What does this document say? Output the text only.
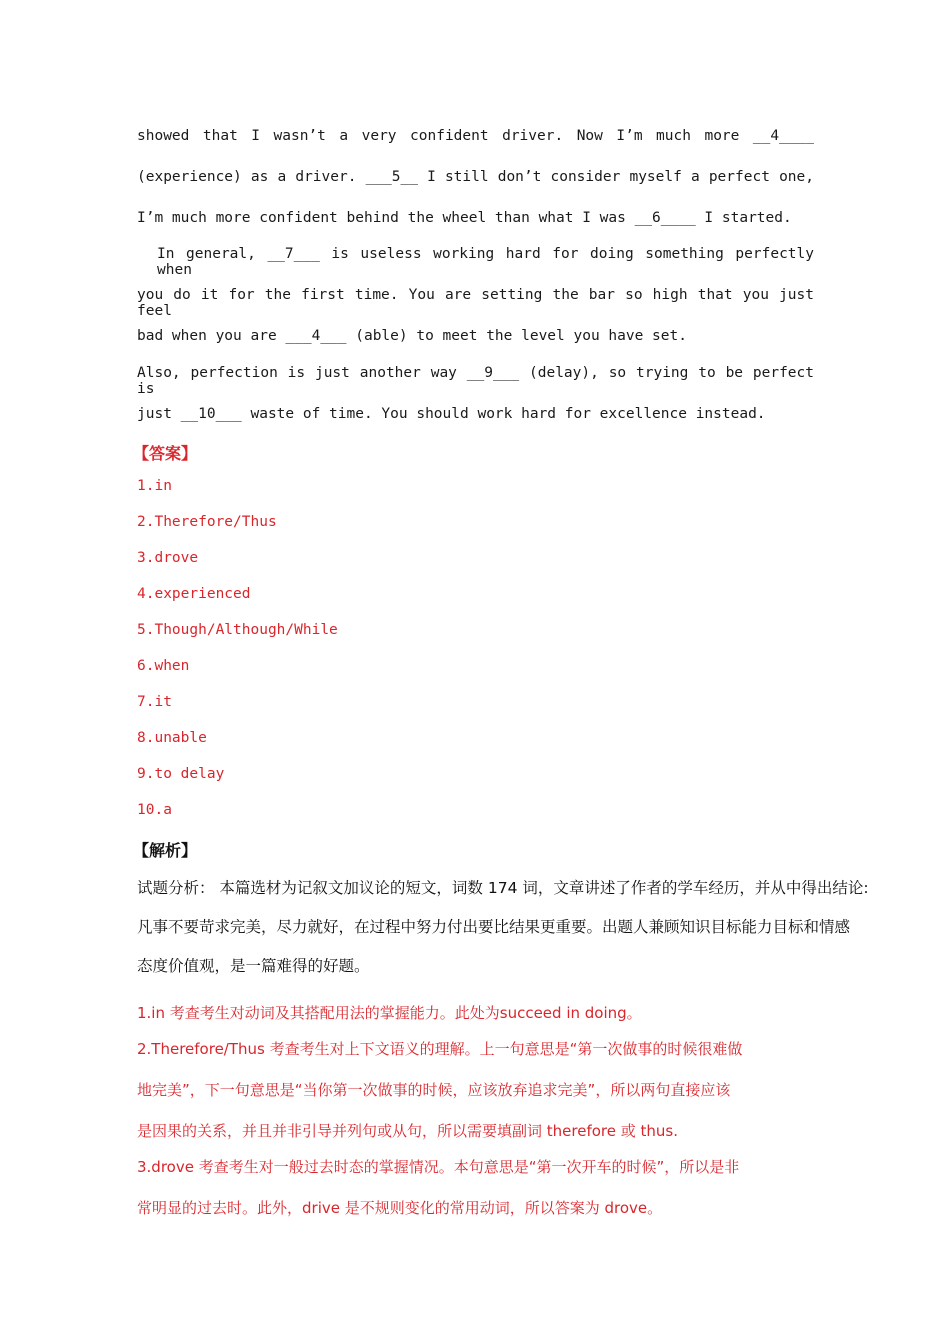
showed that I wasn’t a very confident driver. Now I’m much more __4____
(experience) as a driver. ___5__ I still don’t consider myself a perfect one,
I’m much more confident behind the wheel than what I was __6____ I started.
In general, __7___ is useless working hard for doing something perfectly when
you do it for the first time. You are setting the bar so high that you just feel
bad when you are ___4___ (able) to meet the level you have set.
Also, perfection is just another way __9___ (delay), so trying to be perfect is
just __10___ waste of time. You should work hard for excellence instead.
【答案】
1.in
2.Therefore/Thus
3.drove
4.experienced
5.Though/Although/While
6.when
7.it
8.unable
9.to delay
10.a
【解析】
试题分析： 本篇选材为记叙文加议论的短文，词数 174 词，文章讲述了作者的学车经历，并从中得出结论:
凡事不要苛求完美，尽力就好，在过程中努力付出要比结果更重要。出题人兼顾知识目标能力目标和情感
态度价值观，是一篇难得的好题。
1.in 考查考生对动词及其搭配用法的掌握能力。此处为succeed in doing。
2.Therefore/Thus 考查考生对上下文语义的理解。上一句意思是“第一次做事的时候很难做
地完美”，下一句意思是“当你第一次做事的时候，应该放弃追求完美”，所以两句直接应该
是因果的关系，并且并非引导并列句或从句，所以需要填副词 therefore 或 thus.
3.drove 考查考生对一般过去时态的掌握情况。本句意思是“第一次开车的时候”，所以是非
常明显的过去时。此外，drive 是不规则变化的常用动词，所以答案为 drove。
